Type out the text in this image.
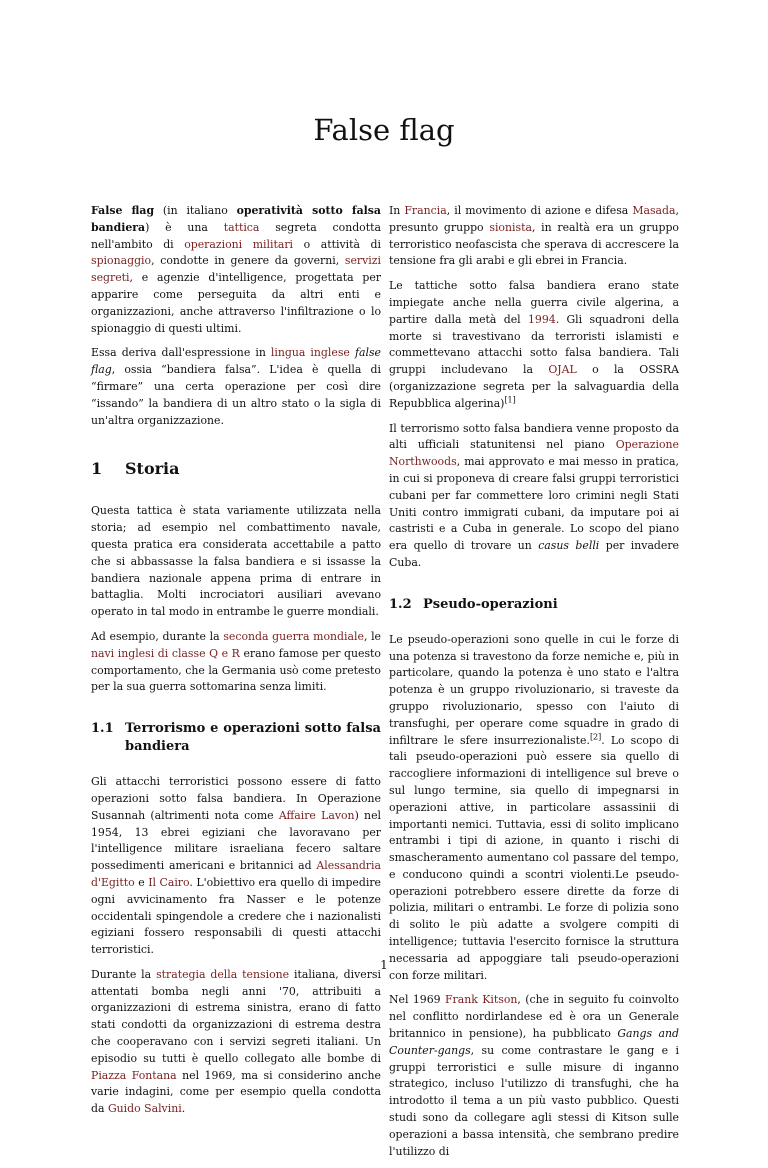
False flag

False flag (in italiano operatività sotto falsa bandiera) è una tattica segreta condotta nell'ambito di operazioni militari o attività di spionaggio, condotte in genere da governi, servizi segreti, e agenzie d'intelligence, progettata per apparire come perseguita da altri enti e organizzazioni, anche attraverso l'infiltrazione o lo spionaggio di questi ultimi.

Essa deriva dall'espressione in lingua inglese false flag, ossia “bandiera falsa”. L'idea è quella di “firmare” una certa operazione per così dire “issando” la bandiera di un altro stato o la sigla di un'altra organizzazione.

1 Storia

Questa tattica è stata variamente utilizzata nella storia; ad esempio nel combattimento navale, questa pratica era considerata accettabile a patto che si abbassasse la falsa bandiera e si issasse la bandiera nazionale appena prima di entrare in battaglia. Molti incrociatori ausiliari avevano operato in tal modo in entrambe le guerre mondiali.

Ad esempio, durante la seconda guerra mondiale, le navi inglesi di classe Q e R erano famose per questo comportamento, che la Germania usò come pretesto per la sua guerra sottomarina senza limiti.

1.1 Terrorismo e operazioni sotto falsa bandiera

Gli attacchi terroristici possono essere di fatto operazioni sotto falsa bandiera. In Operazione Susannah (altrimenti nota come Affaire Lavon) nel 1954, 13 ebrei egiziani che lavoravano per l'intelligence militare israeliana fecero saltare possedimenti americani e britannici ad Alessandria d'Egitto e Il Cairo. L'obiettivo era quello di impedire ogni avvicinamento fra Nasser e le potenze occidentali spingendole a credere che i nazionalisti egiziani fossero responsabili di questi attacchi terroristici.

Durante la strategia della tensione italiana, diversi attentati bomba negli anni '70, attribuiti a organizzazioni di estrema sinistra, erano di fatto stati condotti da organizzazioni di estrema destra che cooperavano con i servizi segreti italiani. Un episodio su tutti è quello collegato alle bombe di Piazza Fontana nel 1969, ma si considerino anche varie indagini, come per esempio quella condotta da Guido Salvini.

In Francia, il movimento di azione e difesa Masada, presunto gruppo sionista, in realtà era un gruppo terroristico neofascista che sperava di accrescere la tensione fra gli arabi e gli ebrei in Francia.

Le tattiche sotto falsa bandiera erano state impiegate anche nella guerra civile algerina, a partire dalla metà del 1994. Gli squadroni della morte si travestivano da terroristi islamisti e commettevano attacchi sotto falsa bandiera. Tali gruppi includevano la OJAL o la OSSRA (organizzazione segreta per la salvaguardia della Repubblica algerina)[1]

Il terrorismo sotto falsa bandiera venne proposto da alti ufficiali statunitensi nel piano Operazione Northwoods, mai approvato e mai messo in pratica, in cui si proponeva di creare falsi gruppi terroristici cubani per far commettere loro crimini negli Stati Uniti contro immigrati cubani, da imputare poi ai castristi e a Cuba in generale. Lo scopo del piano era quello di trovare un casus belli per invadere Cuba.

1.2 Pseudo-operazioni

Le pseudo-operazioni sono quelle in cui le forze di una potenza si travestono da forze nemiche e, più in particolare, quando la potenza è uno stato e l'altra potenza è un gruppo rivoluzionario, si traveste da gruppo rivoluzionario, spesso con l'aiuto di transfughi, per operare come squadre in grado di infiltrare le sfere insurrezionaliste.[2]. Lo scopo di tali pseudo-operazioni può essere sia quello di raccogliere informazioni di intelligence sul breve o sul lungo termine, sia quello di impegnarsi in operazioni attive, in particolare assassinii di importanti nemici. Tuttavia, essi di solito implicano entrambi i tipi di azione, in quanto i rischi di smascheramento aumentano col passare del tempo, e conducono quindi a scontri violenti.Le pseudo-operazioni potrebbero essere dirette da forze di polizia, militari o entrambi. Le forze di polizia sono di solito le più adatte a svolgere compiti di intelligence; tuttavia l'esercito fornisce la struttura necessaria ad appoggiare tali pseudo-operazioni con forze militari.

Nel 1969 Frank Kitson, (che in seguito fu coinvolto nel conflitto nordirlandese ed è ora un Generale britannico in pensione), ha pubblicato Gangs and Counter-gangs, su come contrastare le gang e i gruppi terroristici e sulle misure di inganno strategico, incluso l'utilizzo di transfughi, che ha introdotto il tema a un più vasto pubblico. Questi studi sono da collegare agli stessi di Kitson sulle operazioni a bassa intensità, che sembrano predire l'utilizzo di

1
